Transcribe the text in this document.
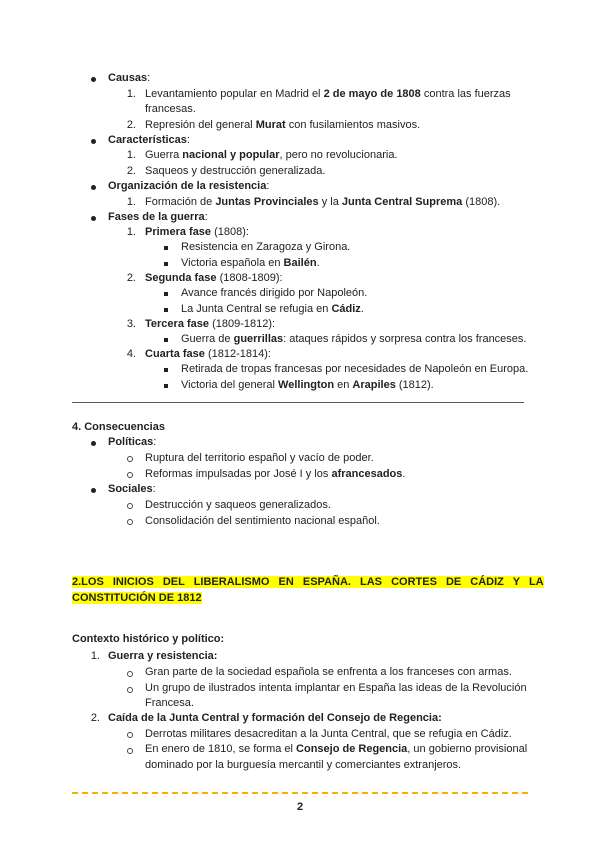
Causas:
1. Levantamiento popular en Madrid el 2 de mayo de 1808 contra las fuerzas
francesas.
2. Represión del general Murat con fusilamientos masivos.
Características:
1. Guerra nacional y popular, pero no revolucionaria.
2. Saqueos y destrucción generalizada.
Organización de la resistencia:
1. Formación de Juntas Provinciales y la Junta Central Suprema (1808).
Fases de la guerra:
1. Primera fase (1808):
Resistencia en Zaragoza y Girona.
Victoria española en Bailén.
2. Segunda fase (1808-1809):
Avance francés dirigido por Napoleón.
La Junta Central se refugia en Cádiz.
3. Tercera fase (1809-1812):
Guerra de guerrillas: ataques rápidos y sorpresa contra los franceses.
4. Cuarta fase (1812-1814):
Retirada de tropas francesas por necesidades de Napoleón en Europa.
Victoria del general Wellington en Arapiles (1812).
4. Consecuencias
Políticas:
Ruptura del territorio español y vacío de poder.
Reformas impulsadas por José I y los afrancesados.
Sociales:
Destrucción y saqueos generalizados.
Consolidación del sentimiento nacional español.
2.LOS INICIOS DEL LIBERALISMO EN ESPAÑA. LAS CORTES DE CÁDIZ Y LA
CONSTITUCIÓN DE 1812
Contexto histórico y político:
1. Guerra y resistencia:
Gran parte de la sociedad española se enfrenta a los franceses con armas.
Un grupo de ilustrados intenta implantar en España las ideas de la Revolución
Francesa.
2. Caída de la Junta Central y formación del Consejo de Regencia:
Derrotas militares desacreditan a la Junta Central, que se refugia en Cádiz.
En enero de 1810, se forma el Consejo de Regencia, un gobierno provisional
dominado por la burguesía mercantil y comerciantes extranjeros.
2
